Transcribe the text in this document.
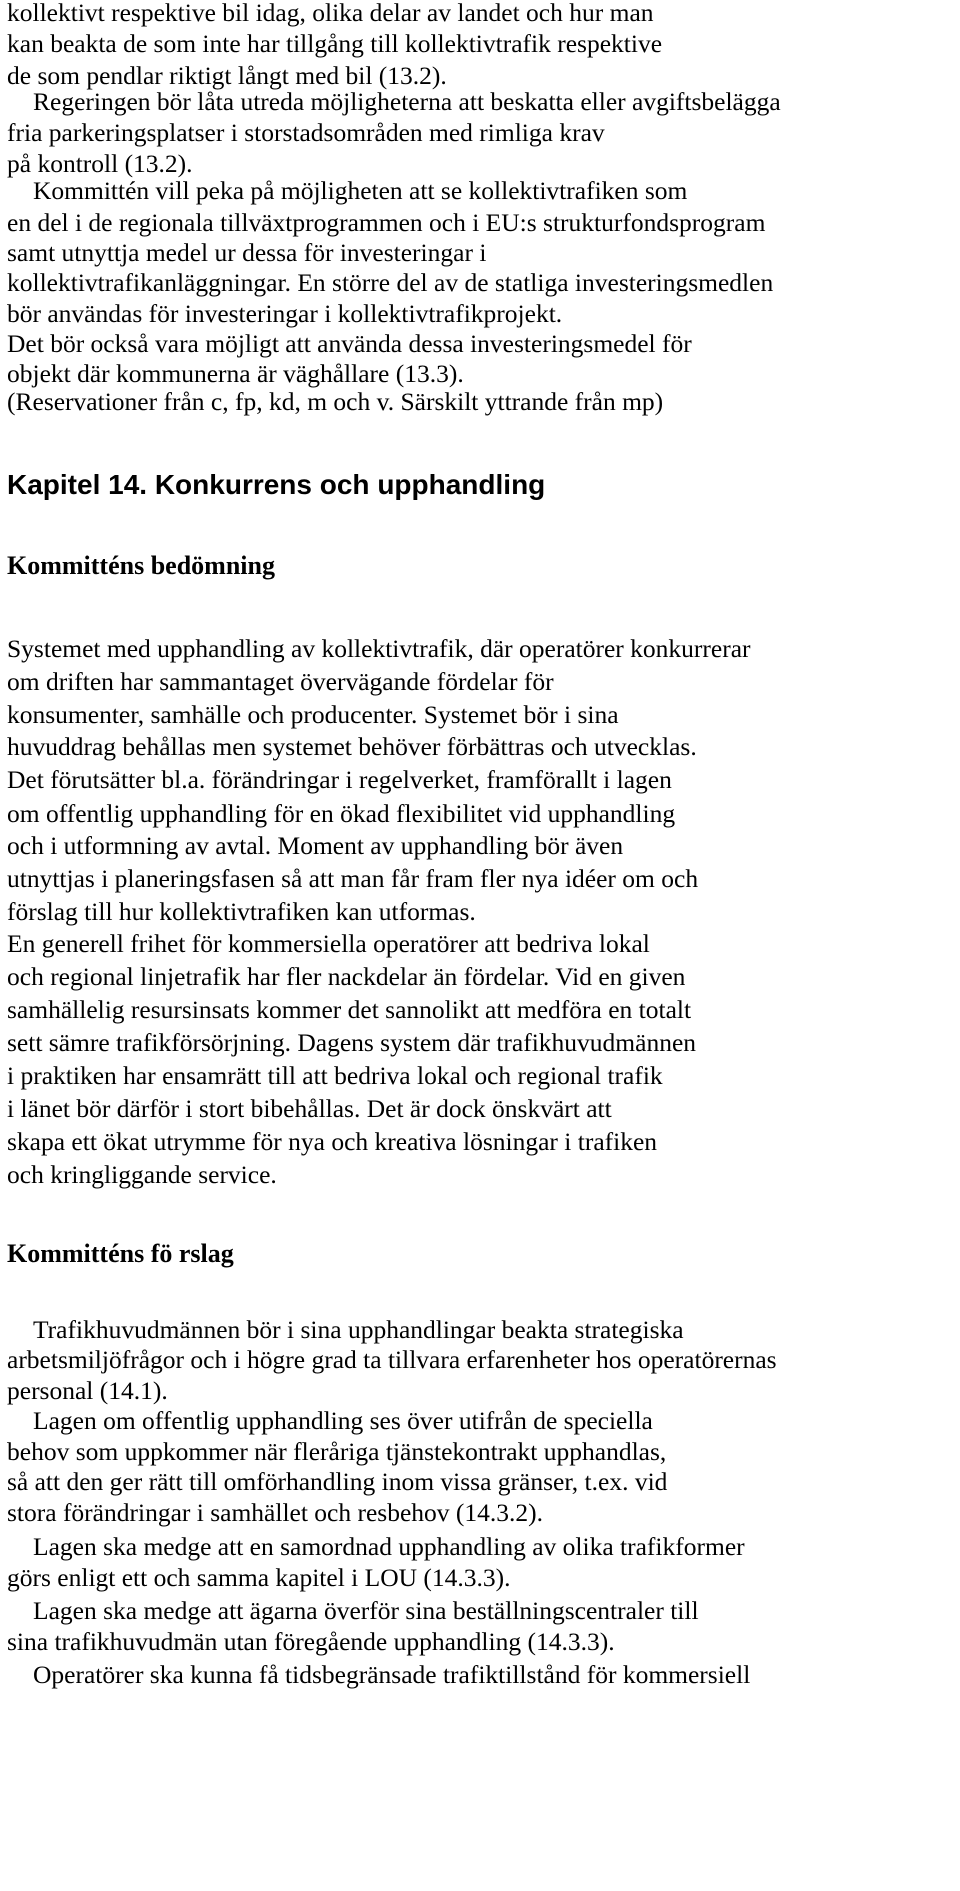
kollektivt respektive bil idag, olika delar av landet och hur man
kan beakta de som inte har tillgång till kollektivtrafik respektive
de som pendlar riktigt långt med bil (13.2).
Regeringen bör låta utreda möjligheterna att beskatta eller avgiftsbelägga
fria parkeringsplatser i storstadsområden med rimliga krav
på kontroll (13.2).
Kommittén vill peka på möjligheten att se kollektivtrafiken som
en del i de regionala tillväxtprogrammen och i EU:s strukturfondsprogram
samt utnyttja medel ur dessa för investeringar i
kollektivtrafikanläggningar. En större del av de statliga investeringsmedlen
bör användas för investeringar i kollektivtrafikprojekt.
Det bör också vara möjligt att använda dessa investeringsmedel för
objekt där kommunerna är väghållare (13.3).
(Reservationer från c, fp, kd, m och v. Särskilt yttrande från mp)
Kapitel 14. Konkurrens och upphandling
Kommitténs bedömning
Systemet med upphandling av kollektivtrafik, där operatörer konkurrerar
om driften har sammantaget övervägande fördelar för
konsumenter, samhälle och producenter. Systemet bör i sina
huvuddrag behållas men systemet behöver förbättras och utvecklas.
Det förutsätter bl.a. förändringar i regelverket, framförallt i lagen
om offentlig upphandling för en ökad flexibilitet vid upphandling
och i utformning av avtal. Moment av upphandling bör även
utnyttjas i planeringsfasen så att man får fram fler nya idéer om och
förslag till hur kollektivtrafiken kan utformas.
En generell frihet för kommersiella operatörer att bedriva lokal
och regional linjetrafik har fler nackdelar än fördelar. Vid en given
samhällelig resursinsats kommer det sannolikt att medföra en totalt
sett sämre trafikförsörjning. Dagens system där trafikhuvudmännen
i praktiken har ensamrätt till att bedriva lokal och regional trafik
i länet bör därför i stort bibehållas. Det är dock önskvärt att
skapa ett ökat utrymme för nya och kreativa lösningar i trafiken
och kringliggande service.
Kommitténs fö rslag
Trafikhuvudmännen bör i sina upphandlingar beakta strategiska
arbetsmiljöfrågor och i högre grad ta tillvara erfarenheter hos operatörernas
personal (14.1).
Lagen om offentlig upphandling ses över utifrån de speciella
behov som uppkommer när fleråriga tjänstekontrakt upphandlas,
så att den ger rätt till omförhandling inom vissa gränser, t.ex. vid
stora förändringar i samhället och resbehov (14.3.2).
Lagen ska medge att en samordnad upphandling av olika trafikformer
görs enligt ett och samma kapitel i LOU (14.3.3).
Lagen ska medge att ägarna överför sina beställningscentraler till
sina trafikhuvudmän utan föregående upphandling (14.3.3).
Operatörer ska kunna få tidsbegränsade trafiktillstånd för kommersiell
